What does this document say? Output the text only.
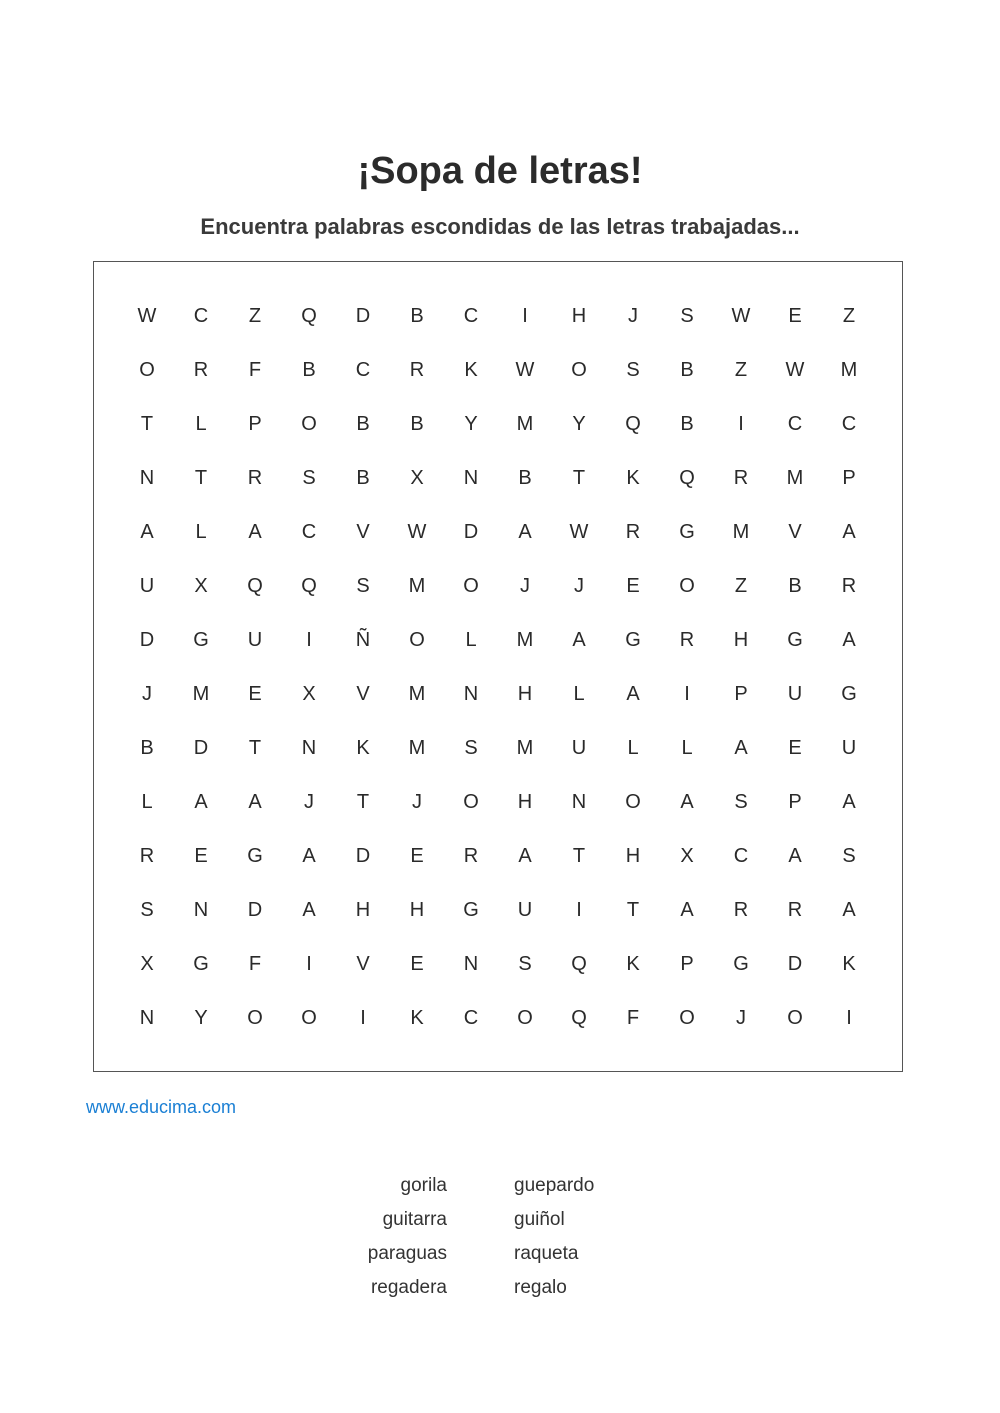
¡Sopa de letras!

Encuentra palabras escondidas de las letras trabajadas...

W	C	Z	Q	D	B	C	I	H	J	S	W	E	Z
O	R	F	B	C	R	K	W	O	S	B	Z	W	M
T	L	P	O	B	B	Y	M	Y	Q	B	I	C	C
N	T	R	S	B	X	N	B	T	K	Q	R	M	P
A	L	A	C	V	W	D	A	W	R	G	M	V	A
U	X	Q	Q	S	M	O	J	J	E	O	Z	B	R
D	G	U	I	Ñ	O	L	M	A	G	R	H	G	A
J	M	E	X	V	M	N	H	L	A	I	P	U	G
B	D	T	N	K	M	S	M	U	L	L	A	E	U
L	A	A	J	T	J	O	H	N	O	A	S	P	A
R	E	G	A	D	E	R	A	T	H	X	C	A	S
S	N	D	A	H	H	G	U	I	T	A	R	R	A
X	G	F	I	V	E	N	S	Q	K	P	G	D	K
N	Y	O	O	I	K	C	O	Q	F	O	J	O	I
www.educima.com
gorila
guitarra
paraguas
regadera
guepardo
guiñol
raqueta
regalo
